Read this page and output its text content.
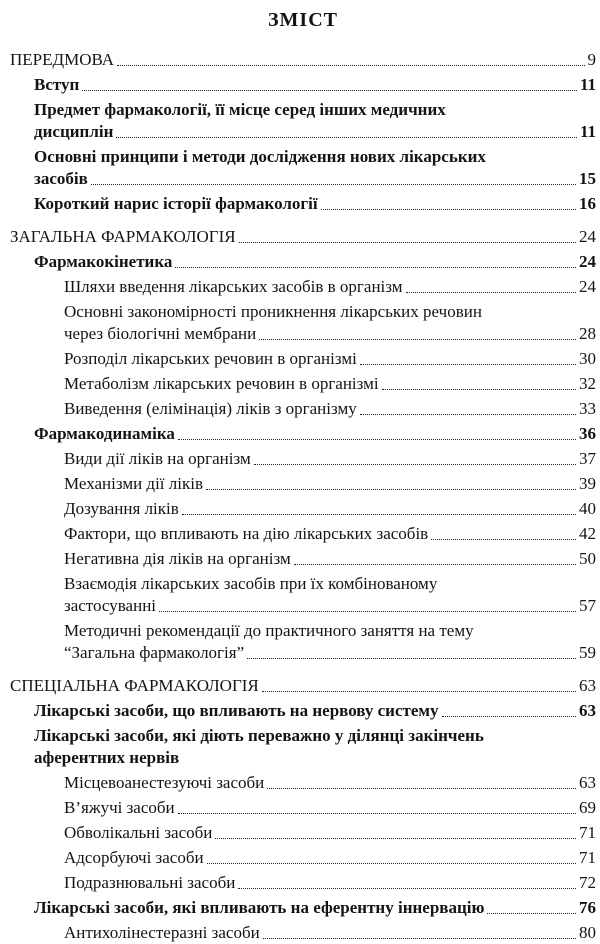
ЗМІСТ
ПЕРЕДМОВА	9
Вступ	11
Предмет фармакології, її місце серед інших медичних
дисциплін	11
Основні принципи і методи дослідження нових лікарських
засобів	15
Короткий нарис історії фармакології	16
ЗАГАЛЬНА ФАРМАКОЛОГІЯ	24
Фармакокінетика	24
Шляхи введення лікарських засобів в організм	24
Основні закономірності проникнення лікарських речовин
через біологічні мембрани	28
Розподіл лікарських речовин в організмі	30
Метаболізм лікарських речовин в організмі	32
Виведення (елімінація) ліків з організму	33
Фармакодинаміка	36
Види дії ліків на організм	37
Механізми дії ліків	39
Дозування ліків	40
Фактори, що впливають на дію лікарських засобів	42
Негативна дія ліків на організм	50
Взаємодія лікарських засобів при їх комбінованому
застосуванні	57
Методичні рекомендації до практичного заняття на тему
“Загальна фармакологія”	59
СПЕЦІАЛЬНА ФАРМАКОЛОГІЯ	63
Лікарські засоби, що впливають на нервову систему	63
Лікарські засоби, які діють переважно у ділянці закінчень
аферентних нервів
Місцевоанестезуючі засоби	63
В’яжучі засоби	69
Обволікальні засоби	71
Адсорбуючі засоби	71
Подразнювальні засоби	72
Лікарські засоби, які впливають на еферентну іннервацію	76
Антихолінестеразні засоби	80
